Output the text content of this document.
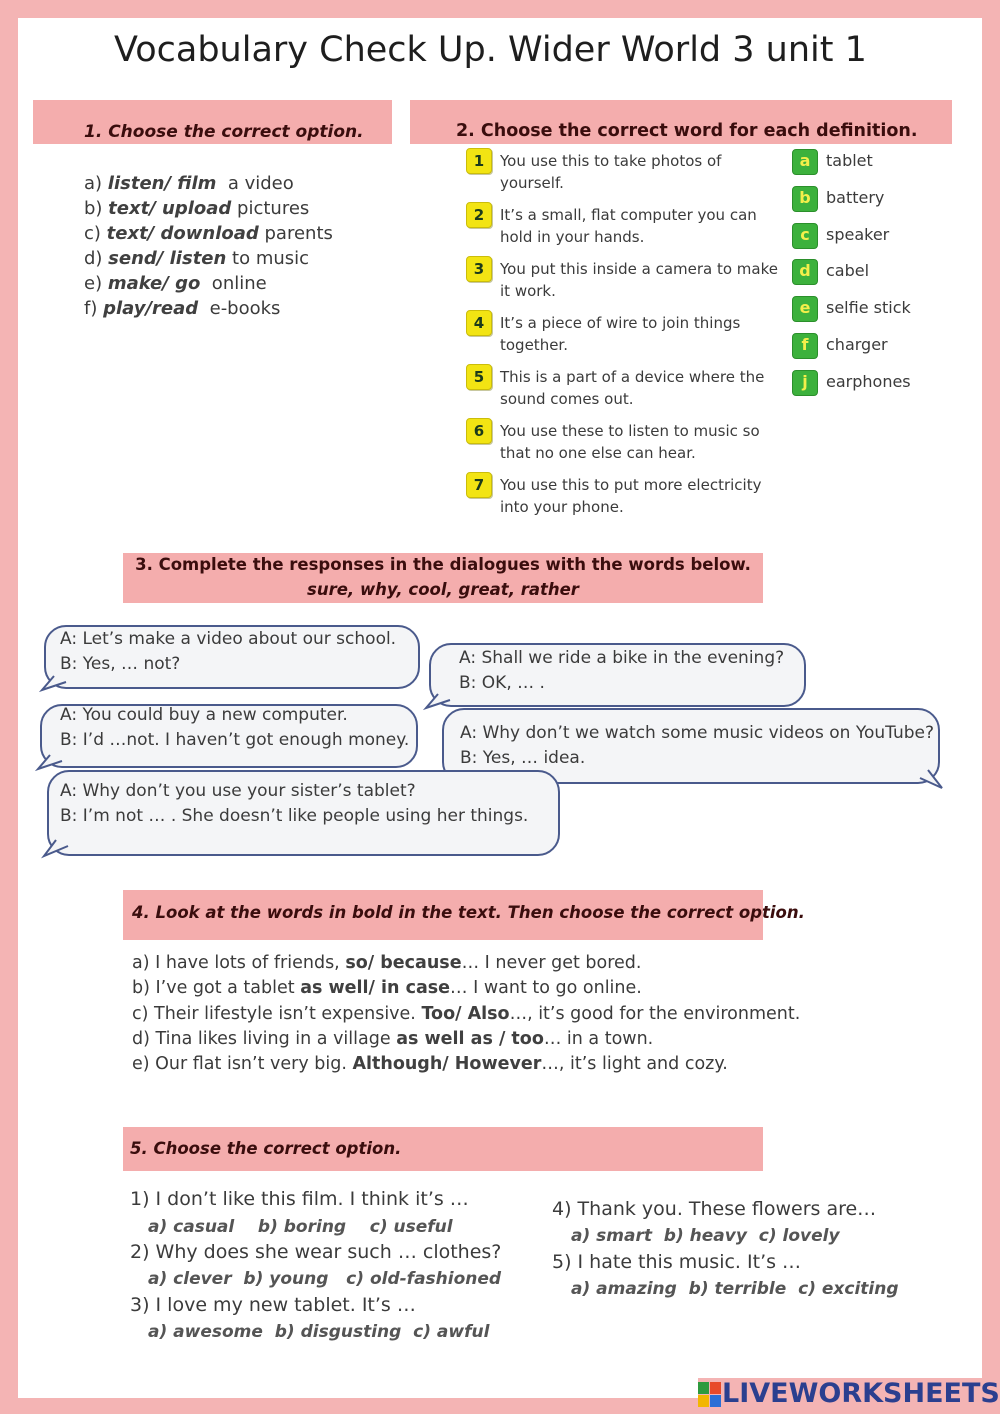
Vocabulary Check Up. Wider World 3 unit 1
1. Choose the correct option.
a) listen/ film  a video
b) text/ upload pictures
c) text/ download parents
d) send/ listen to music
e) make/ go  online
f) play/read  e-books
2. Choose the correct word for each definition.
1	You use this to take photos of
yourself.
2	It’s a small, flat computer you can
hold in your hands.
3	You put this inside a camera to make
it work.
4	It’s a piece of wire to join things
together.
5	This is a part of a device where the
sound comes out.
6	You use these to listen to music so
that no one else can hear.
7	You use this to put more electricity
into your phone.
a tablet
b battery
c	speaker
d cabel
e selfie stick
f	charger
j	earphones
3. Complete the responses in the dialogues with the words below.
sure, why, cool, great, rather
A: Let’s make a video about our school.
B: Yes, … not?	A: Shall we ride a bike in the evening?
B: OK, … .
A: You could buy a new computer.
B: I’d …not. I haven’t got enough money.	A: Why don’t we watch some music videos on YouTube?
B: Yes, … idea.
A: Why don’t you use your sister’s tablet?
B: I’m not … . She doesn’t like people using her things.
4. Look at the words in bold in the text. Then choose the correct option.
a) I have lots of friends, so/ because… I never get bored.
b) I’ve got a tablet as well/ in case… I want to go online.
c) Their lifestyle isn’t expensive. Too/ Also…, it’s good for the environment.
d) Tina likes living in a village as well as / too… in a town.
e) Our flat isn’t very big. Although/ However…, it’s light and cozy.
5. Choose the correct option.
1) I don’t like this film. I think it’s …
a) casual    b) boring    c) useful
2) Why does she wear such … clothes?
a) clever  b) young   c) old-fashioned
3) I love my new tablet. It’s …
a) awesome  b) disgusting  c) awful
4) Thank you. These flowers are…
a) smart  b) heavy  c) lovely
5) I hate this music. It’s …
a) amazing  b) terrible  c) exciting
LIVEWORKSHEETS
